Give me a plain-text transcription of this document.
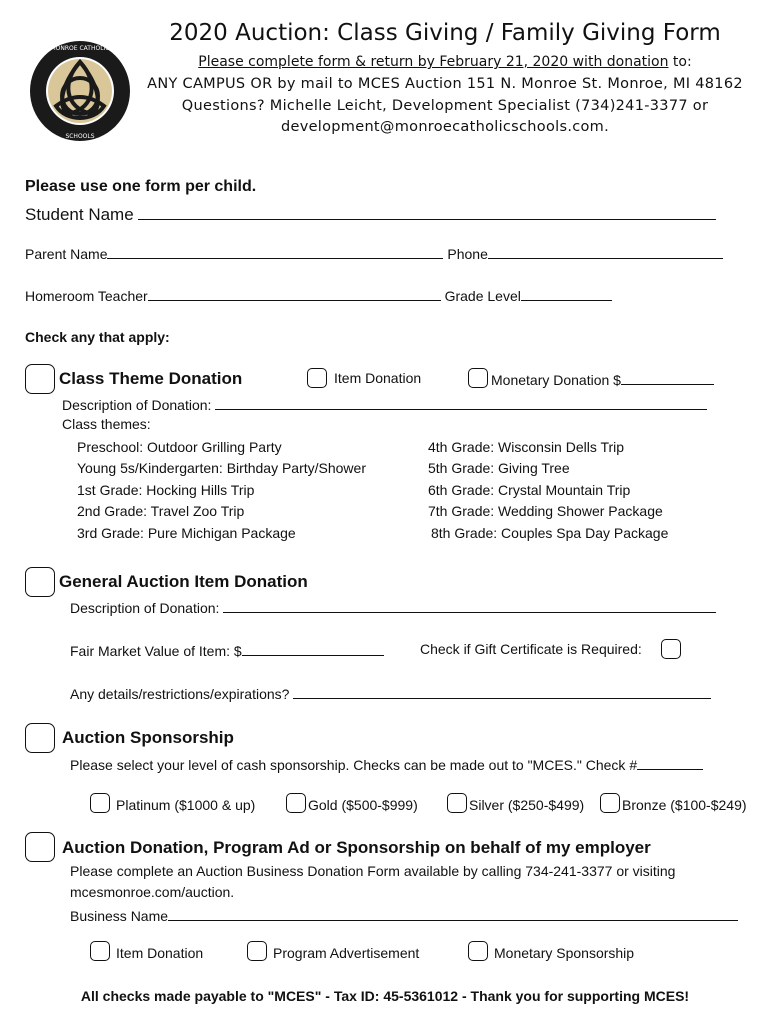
MONROE CATHOLIC
SCHOOLS
2020 Auction: Class Giving / Family Giving Form
Please complete form & return by February 21, 2020 with donation to:
ANY CAMPUS OR by mail to MCES Auction 151 N. Monroe St. Monroe, MI 48162
Questions? Michelle Leicht, Development Specialist (734)241-3377 or
development@monroecatholicschools.com.
Please use one form per child.
Student Name
Parent Name	Phone
Homeroom Teacher	Grade Level
Check any that apply:
Class Theme Donation	Item Donation	Monetary Donation $
Description of Donation:
Class themes:
Preschool: Outdoor Grilling Party
Young 5s/Kindergarten: Birthday Party/Shower
1st Grade: Hocking Hills Trip
2nd Grade: Travel Zoo Trip
3rd Grade: Pure Michigan Package
4th Grade: Wisconsin Dells Trip
5th Grade: Giving Tree
6th Grade: Crystal Mountain Trip
7th Grade: Wedding Shower Package
8th Grade: Couples Spa Day Package
General Auction Item Donation
Description of Donation:
Fair Market Value of Item: $	Check if Gift Certificate is Required:
Any details/restrictions/expirations?
Auction Sponsorship
Please select your level of cash sponsorship. Checks can be made out to "MCES." Check #
Platinum ($1000 & up)	Gold ($500-$999)	Silver ($250-$499)	Bronze ($100-$249)
Auction Donation, Program Ad or Sponsorship on behalf of my employer
Please complete an Auction Business Donation Form available by calling 734-241-3377 or visiting
mcesmonroe.com/auction.
Business Name
Item Donation	Program Advertisement	Monetary Sponsorship
All checks made payable to "MCES" - Tax ID: 45-5361012 - Thank you for supporting MCES!
